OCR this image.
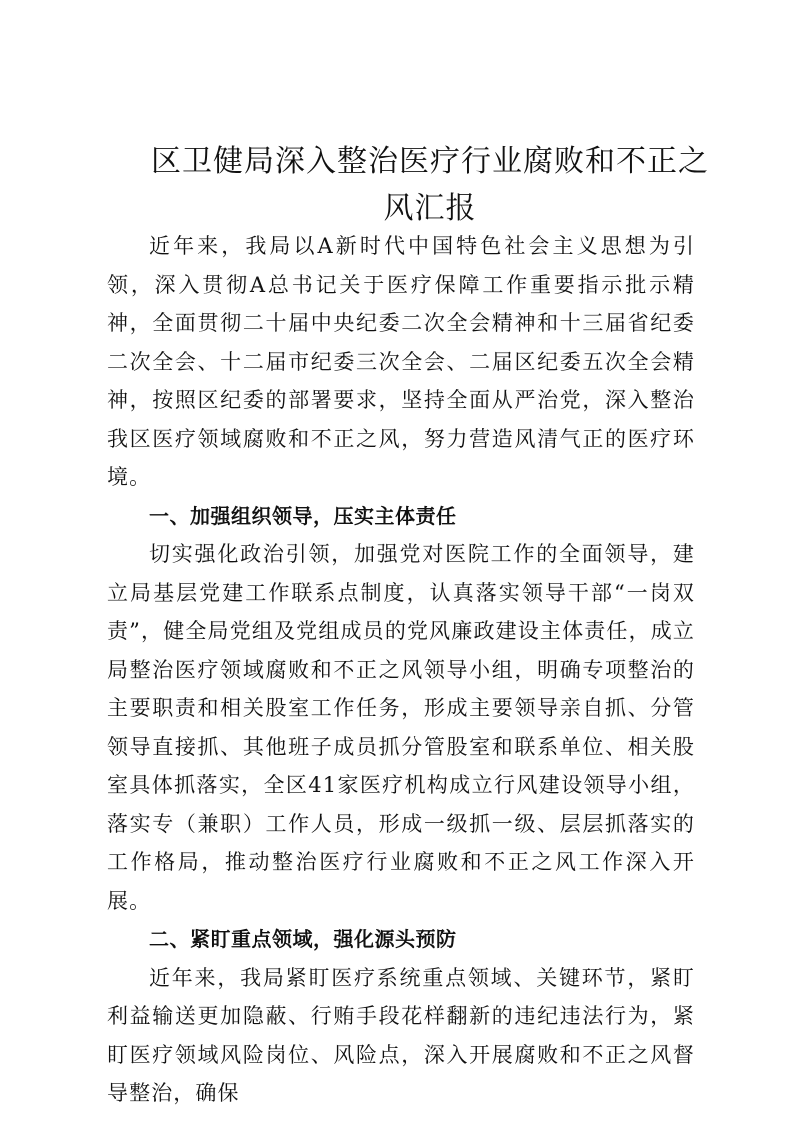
区卫健局深入整治医疗行业腐败和不正之风汇报

近年来，我局以A新时代中国特色社会主义思想为引领，深入贯彻A总书记关于医疗保障工作重要指示批示精神，全面贯彻二十届中央纪委二次全会精神和十三届省纪委二次全会、十二届市纪委三次全会、二届区纪委五次全会精神，按照区纪委的部署要求，坚持全面从严治党，深入整治我区医疗领域腐败和不正之风，努力营造风清气正的医疗环境。

一、加强组织领导，压实主体责任

切实强化政治引领，加强党对医院工作的全面领导，建立局基层党建工作联系点制度，认真落实领导干部“一岗双责”，健全局党组及党组成员的党风廉政建设主体责任，成立局整治医疗领域腐败和不正之风领导小组，明确专项整治的主要职责和相关股室工作任务，形成主要领导亲自抓、分管领导直接抓、其他班子成员抓分管股室和联系单位、相关股室具体抓落实，全区41家医疗机构成立行风建设领导小组，落实专（兼职）工作人员，形成一级抓一级、层层抓落实的工作格局，推动整治医疗行业腐败和不正之风工作深入开展。

二、紧盯重点领域，强化源头预防

近年来，我局紧盯医疗系统重点领域、关键环节，紧盯利益输送更加隐蔽、行贿手段花样翻新的违纪违法行为，紧盯医疗领域风险岗位、风险点，深入开展腐败和不正之风督导整治，确保
